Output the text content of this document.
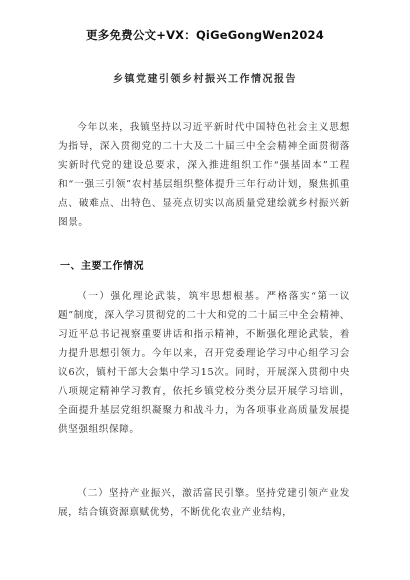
更多免费公文+VX：QiGeGongWen2024
乡镇党建引领乡村振兴工作情况报告

今年以来，我镇坚持以习近平新时代中国特色社会主义思想为指导，深入贯彻党的二十大及二十届三中全会精神全面贯彻落实新时代党的建设总要求，深入推进组织工作“强基固本”工程和“一强三引领”农村基层组织整体提升三年行动计划，聚焦抓重点、破难点、出特色、显亮点切实以高质量党建绘就乡村振兴新图景。

一、主要工作情况

（一）强化理论武装，筑牢思想根基。严格落实“第一议题”制度，深入学习贯彻党的二十大和党的二十届三中全会精神、习近平总书记视察重要讲话和指示精神，不断强化理论武装，着力提升思想引领力。今年以来，召开党委理论学习中心组学习会议6次，镇村干部大会集中学习15次。同时，开展深入贯彻中央八项规定精神学习教育，依托乡镇党校分类分层开展学习培训，全面提升基层党组织凝聚力和战斗力，为各项事业高质量发展提供坚强组织保障。

（二）坚持产业振兴，激活富民引擎。坚持党建引领产业发展，结合镇资源禀赋优势，不断优化农业产业结构，
